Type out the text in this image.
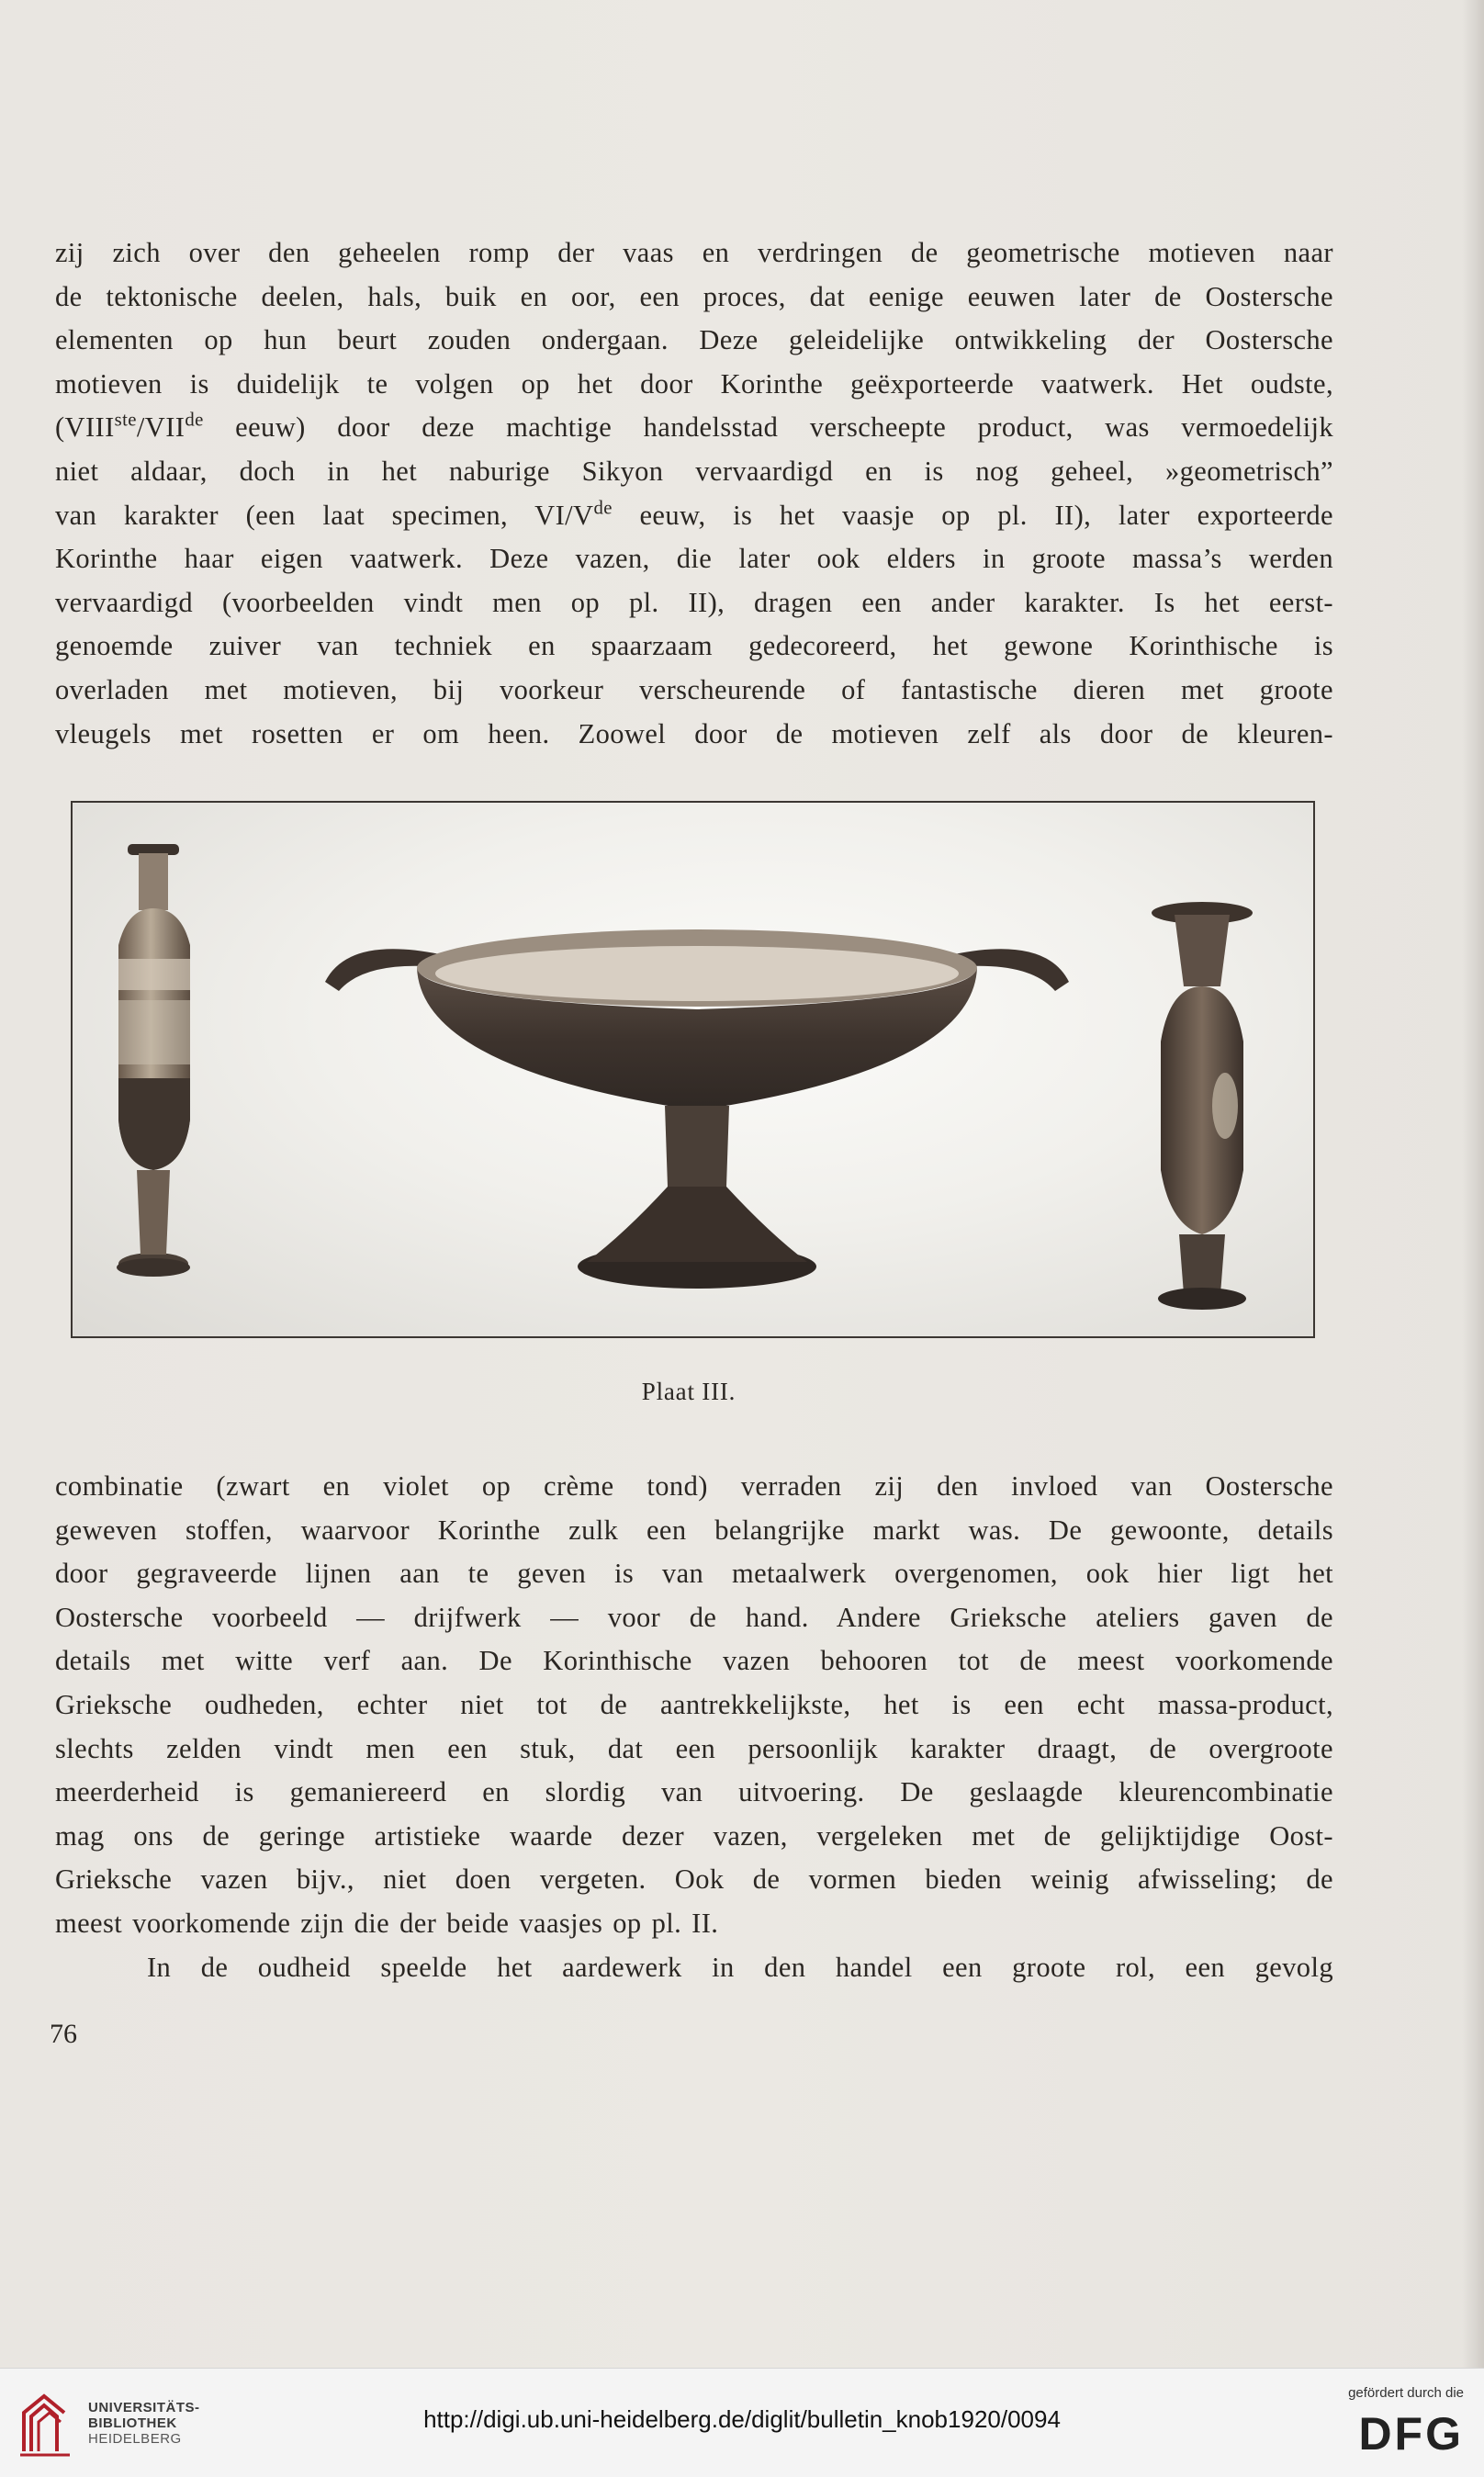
zij zich over den geheelen romp der vaas en verdringen de geometrische motieven naar

de tektonische deelen, hals, buik en oor, een proces, dat eenige eeuwen later de Oostersche

elementen op hun beurt zouden ondergaan. Deze geleidelijke ontwikkeling der Oostersche

motieven is duidelijk te volgen op het door Korinthe geëxporteerde vaatwerk. Het oudste,

(VIIIste/VIIde eeuw) door deze machtige handelsstad verscheepte product, was vermoedelijk

niet aldaar, doch in het naburige Sikyon vervaardigd en is nog geheel, »geometrisch”

van karakter (een laat specimen, VI/Vde eeuw, is het vaasje op pl. II), later exporteerde

Korinthe haar eigen vaatwerk. Deze vazen, die later ook elders in groote massa’s werden

vervaardigd (voorbeelden vindt men op pl. II), dragen een ander karakter. Is het eerst-

genoemde zuiver van techniek en spaarzaam gedecoreerd, het gewone Korinthische is

overladen met motieven, bij voorkeur verscheurende of fantastische dieren met groote

vleugels met rosetten er om heen. Zoowel door de motieven zelf als door de kleuren-

Plaat III.

combinatie (zwart en violet op crème tond) verraden zij den invloed van Oostersche

geweven stoffen, waarvoor Korinthe zulk een belangrijke markt was. De gewoonte, details

door gegraveerde lijnen aan te geven is van metaalwerk overgenomen, ook hier ligt het

Oostersche voorbeeld — drijfwerk — voor de hand. Andere Grieksche ateliers gaven de

details met witte verf aan. De Korinthische vazen behooren tot de meest voorkomende

Grieksche oudheden, echter niet tot de aantrekkelijkste, het is een echt massa-product,

slechts zelden vindt men een stuk, dat een persoonlijk karakter draagt, de overgroote

meerderheid is gemaniereerd en slordig van uitvoering. De geslaagde kleurencombinatie

mag ons de geringe artistieke waarde dezer vazen, vergeleken met de gelijktijdige Oost-

Grieksche vazen bijv., niet doen vergeten. Ook de vormen bieden weinig afwisseling; de

meest voorkomende zijn die der beide vaasjes op pl. II.

In de oudheid speelde het aardewerk in den handel een groote rol, een gevolg

76

UNIVERSITÄTS-
BIBLIOTHEK
HEIDELBERG
http://digi.ub.uni-heidelberg.de/diglit/bulletin_knob1920/0094
gefördert durch die
DFG
